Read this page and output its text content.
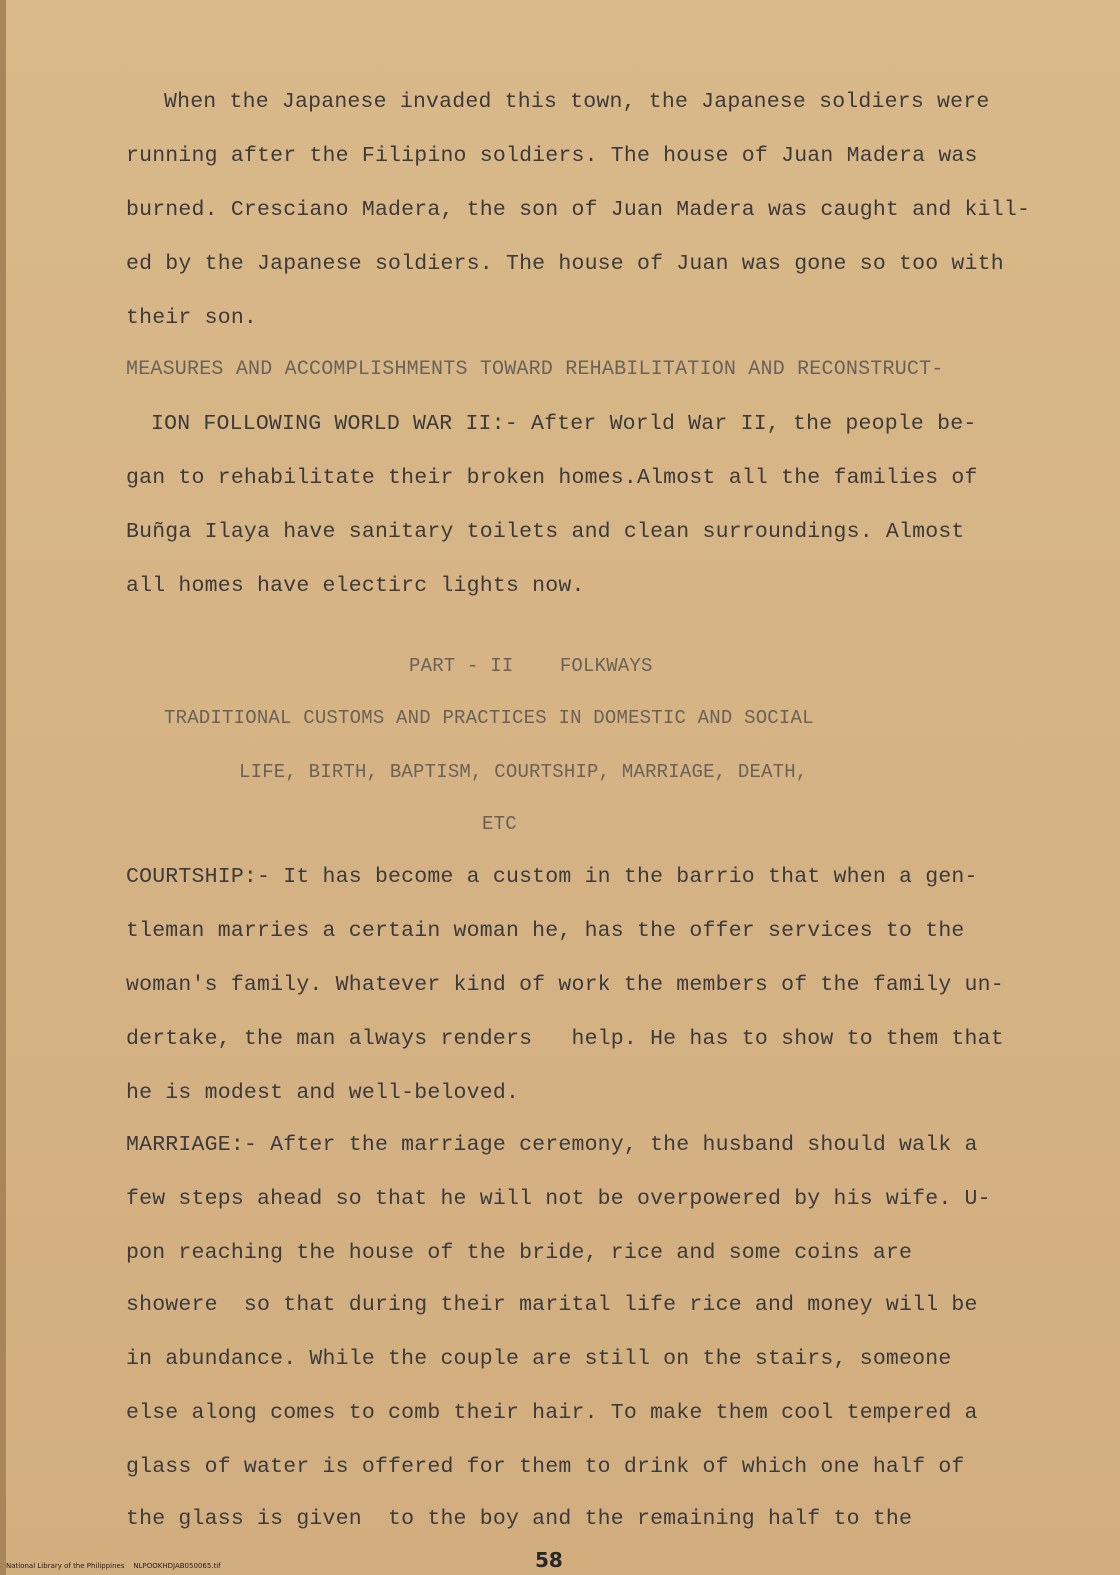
When the Japanese invaded this town, the Japanese soldiers were
running after the Filipino soldiers. The house of Juan Madera was
burned. Cresciano Madera, the son of Juan Madera was caught and kill-
ed by the Japanese soldiers. The house of Juan was gone so too with
their son.
MEASURES AND ACCOMPLISHMENTS TOWARD REHABILITATION AND RECONSTRUCT-
ION FOLLOWING WORLD WAR II:- After World War II, the people be-
gan to rehabilitate their broken homes.Almost all the families of
Buñga Ilaya have sanitary toilets and clean surroundings. Almost
all homes have electirc lights now.
PART - II    FOLKWAYS
TRADITIONAL CUSTOMS AND PRACTICES IN DOMESTIC AND SOCIAL
LIFE, BIRTH, BAPTISM, COURTSHIP, MARRIAGE, DEATH,
ETC
COURTSHIP:- It has become a custom in the barrio that when a gen-
tleman marries a certain woman he, has the offer services to the
woman's family. Whatever kind of work the members of the family un-
dertake, the man always renders   help. He has to show to them that
he is modest and well-beloved.
MARRIAGE:- After the marriage ceremony, the husband should walk a
few steps ahead so that he will not be overpowered by his wife. U-
pon reaching the house of the bride, rice and some coins are
showere  so that during their marital life rice and money will be
in abundance. While the couple are still on the stairs, someone
else along comes to comb their hair. To make them cool tempered a
glass of water is offered for them to drink of which one half of
the glass is given  to the boy and the remaining half to the
58
National Library of the Philippines    NLPOOKHDJAB050065.tif
